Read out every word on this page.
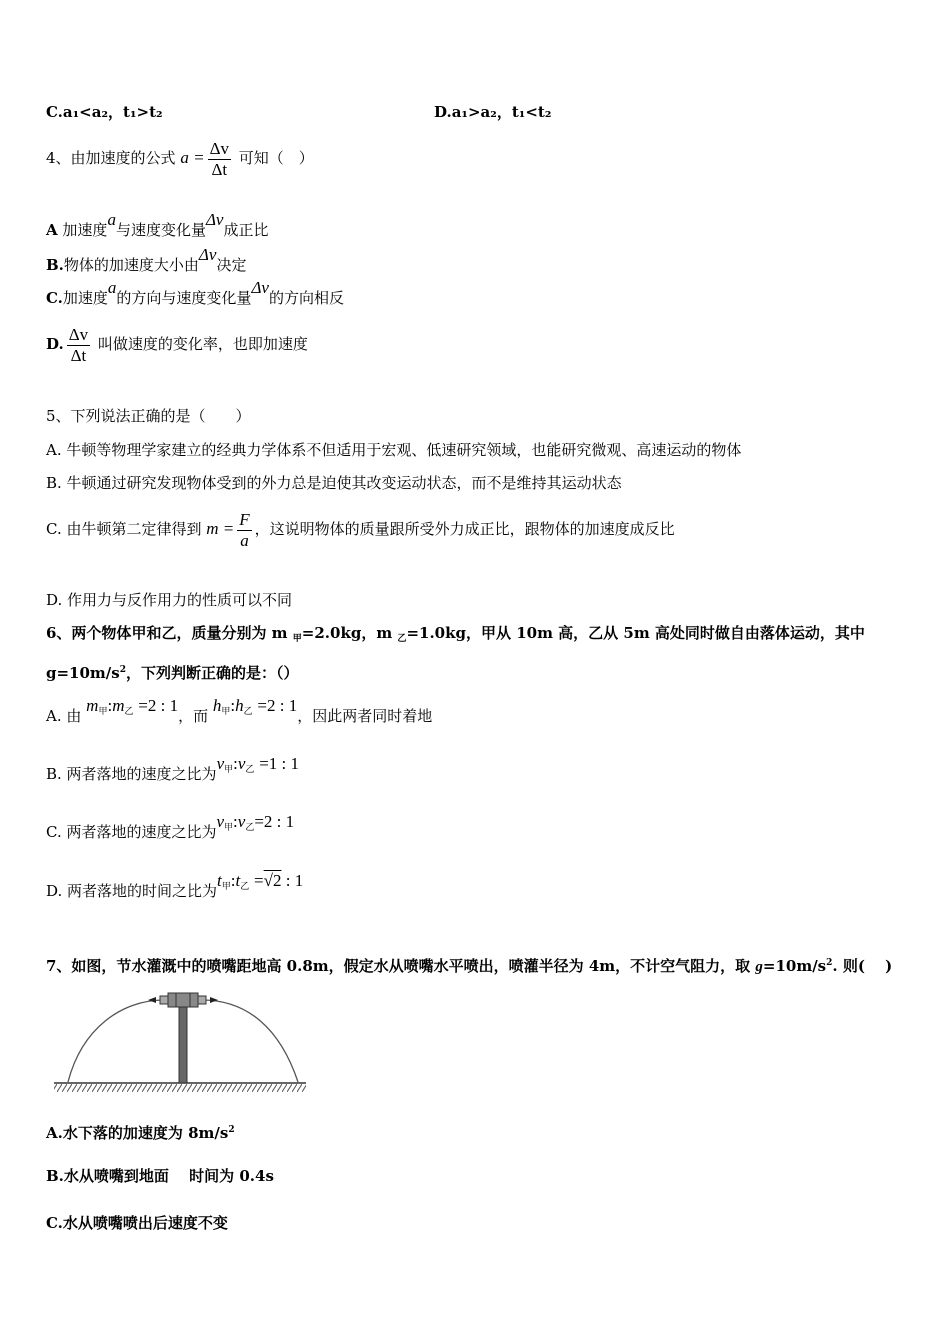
C.a₁<a₂，t₁>t₂	D.a₁>a₂，t₁<t₂
4、由加速度的公式 $a = \frac{\Delta v}{\Delta t}$ 可知（　）
A 加速度a与速度变化量Δv成正比
B.物体的加速度大小由Δv决定
C.加速度a的方向与速度变化量Δv的方向相反
D. $\frac{\Delta v}{\Delta t}$ 叫做速度的变化率，也即加速度
5、下列说法正确的是（　　）
A. 牛顿等物理学家建立的经典力学体系不但适用于宏观、低速研究领域，也能研究微观、高速运动的物体
B. 牛顿通过研究发现物体受到的外力总是迫使其改变运动状态，而不是维持其运动状态
C. 由牛顿第二定律得到 $m = \frac{F}{a}$ ，这说明物体的质量跟所受外力成正比，跟物体的加速度成反比
D. 作用力与反作用力的性质可以不同
6、两个物体甲和乙，质量分别为 m $_甲$=2.0kg，m $_乙$=1.0kg，甲从 10m 高，乙从 5m 高处同时做自由落体运动，其中
$g=10m/s^2$，下列判断正确的是：（）
A. 由 $m_甲:m_乙 =2$ : 1，而 $h_甲:h_乙 =2$ : 1，因此两者同时着地
B. 两者落地的速度之比为$v_甲:v_乙 =1$ : 1
C. 两者落地的速度之比为$v_甲:v_乙=2$ : 1
D. 两者落地的时间之比为$t_甲:t_乙 =√2$ : 1
7、如图，节水灌溉中的喷嘴距地高 0.8m，假定水从喷嘴水平喷出，喷灌半径为 4m，不计空气阻力，取 $g=10m/s^2$. 则(　 )
A.水下落的加速度为 $8m/s^2$
B.水从喷嘴到地面　 时间为 0.4s
C.水从喷嘴喷出后速度不变
